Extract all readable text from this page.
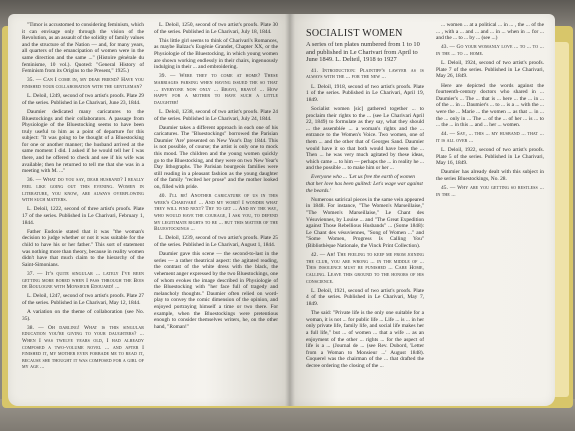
"Timor is accustomed to considering feminism, which it can envisage only through the vision of the Revolution, as an assault of the solidity of family values and the structure of the Nation — and, for many years, all quarters of the emancipation of women were in the same direction and the same ..." (Histoire générale du feminisme, 10 vol.). Quoted: "General History of Feminism from its Origins to the Present," 1925.)

35. — Can I come in, my dear friend? Have you finished your collaboration with the gentleman?

L. Deloil, 1249, second of two artist's proofs. Plate 29 of the series. Published in Le Charivari, June 23, 1844.

Daumier dedicated many caricatures to the Bluestockings and their collaborators. A passage from Physiologie of the Bluestocking seems to have been truly useful to him as a point of departure for this subject: "It was going to be thought of a Bluestocking for one or another manner; the husband arrived at the same moment I did. I asked if he would tell her I was there, and he offered to check and see if his wife was available; then he returned to tell me that she was in a meeting with M. ..."

36. — What do you say, dear husband? I really feel like going out this evening. Women in literature, you know, are always overflowing with such matters.

L. Deloil, 1222, second of three artist's proofs. Plate 17 of the series. Published in Le Charivari, February 1, 1844.

Father Eudoxie stated that it was "the woman's decision to judge whether or not it was suitable for the child to have his or her father." This sort of statement was nothing more than theory, because in reality women didn't have that much claim to the hierarchy of the Saint-Simonians.

37. — It's quite singular ... lately I've been getting more bored when I pass through the Bois de Boulogne with Monsieur Edouard! ...

L. Deloil, 1247, second of two artist's proofs. Plate 27 of the series. Published in Le Charivari, May 12, 1844.

A variation on the theme of collaboration (see No. 35).

38. — Oh darling! What is this singular education you're giving to your daughters? ... When I was twelve years old, I had already composed a two-volume novel ... and after I finished it, my mother even forbade me to read it, because she thought it was composed for a girl of my age ...

L. Deloil, 1250, second of two artist's proofs. Plate 30 of the series. Published in Le Charivari, July 18, 1844.

This little girl seems to think of Charivari's Romances, as maybe Balzac's Eugénie Grandet, Chapter XX, or the Physiologie of the Bluestocking, in which young women are shown working endlessly in their chairs, ingenuously indulging in their ... and embroidering.

39. — Were they to come at home? These marriages parsing when having issued the so that ... everyone now only ... Bravo, bravo! ... How happy for a mother to have such a little daughter!

L. Deloil, 1238, second of two artist's proofs. Plate 24 of the series. Published in Le Charivari, July 24, 1844.

Daumier takes a different approach in each one of his caricatures. The "Bluestockings" borrowed the Parisian Daumier 'Are' presented on New Year's Day 1844. This is not possible, of course; the artist is only one to mock this mood. The children and the young women quickly go to the Bluestocking, and they were on two New Year's Day lithographs. The Parisian bourgeois families were still reading in a pleasant fashion as the young daughter of the family "recited her prose" and the mother looked on, filled with pride.

40. I'll be! Another caricature of us in this week's Charivari! ... And my word! I wonder what they will find next? Try to get ... And by the way, who would have the courage, I ask you, to defend my legitimate rights to be ... but this matter of the Bluestockings ...

L. Deloil, 1239, second of two artist's proofs. Plate 25 of the series. Published in Le Charivari, August 1, 1844.

Daumier gave this scene — the second-to-last in the series — a rather theatrical aspect: the agitated reading, the contrast of the white dress with the black, the vehement anger expressed by the two Bluestockings, one of whom evokes the image described in Physiologie of the Bluestocking with "her face full of tragedy and melancholy thoughts." Daumier often relied on word-play to convey the comic dimension of the opinion, and enjoyed portraying himself a time or two there. For example, when the Bluestockings were pretentious enough to consider themselves writers, he, on the other hand, "Roman!"

SOCIALIST WOMEN
A series of ten plates numbered from 1 to 10 and published in Le Charivari from April to June 1849. L. Delteil, 1918 to 1927

41. Introduction: Plaintiff's lawyer as is always with the ... for the new ...

L. Deloil, 1918, second of two artist's proofs. Plate 1 of the series. Published in Le Charivari, April 19, 1849.

Socialist women [sic] gathered together ... to proclaim their rights to the ... (see Le Charivari April 22, 1849) to formulate as they say, what they should ... the assemblée ... a woman's rights and the ... entrance to the Women's Voice. Two women, one of them ... and the other that of Georges Sand. Daumier would have it so that both would have been the ... Then ... he was very much agitated by these ideas, which came ... to him — perhaps the ... in reality he ... and the possible ... to make him or her ...

Everyone who ... 'Let us free the earth of women that her love has been guilted: Let's wage war against the beards.'

Numerous satirical pieces in the same vein appeared in 1848. For instance, "The Women's Marseillaise," "The Women's Marseillaise," Le Chant des Vésuviennes, by Louise ... and "The Great Expedition against Those Rebellious Husbands" ... (Some 1848): Le Chant des vésuviennes, "Song of Women ..." and "Some Women, Progress Is Calling You" (Bibliothèque Nationale, the Vinck Print Collection).

42. — Ah! The feeling to keep me from joining the club, you are wrong ... in the middle of ... This insolence must be punished ... Cabe Home, calling. Leave this ground to the honors of his conscience.

L. Deloil, 1921, second of two artist's proofs. Plate 4 of the series. Published in Le Charivari, May 7, 1849.

The said: "Private life is the only one suitable for a woman, it is not ... for public life ... Life ... is ... in her only private life, family life, and social life makes her a full life," but ... of women ... that a wife ... as an enjoyment of the other ... rights ... for the aspect of life is a ... (Journal de ... (see Rev. Dubord, 'Letter from a Woman to Monsieur ...' August 1848). Coquerel was the chairman of the ... that drafted the decree ordering the closing of the ...

... women ... at a political ... in ... , the ... of the ... , with a ... and ... and ... in ... when in ... for ... and the ... to ... by ... (see ...)

43. — Go your womanly love ... to ... to ... in the ... to ... home.

L. Deloil, 1924, second of two artist's proofs. Plate 7 of the series. Published in Le Charivari, May 26, 1849.

Here are depicted the words against the fourteenth-century doctors who shared in ... Daumier's ... The ... that is ... here ... the ... in ... of the ... in ... Daumier's ... to ... is a ... with the ... were the ... Marie ... the women ... as that ... in ... the ... only in ... The ... of the ... of her ... is ... to ... the ... in this ... and ... her ... women.

44. — Say, ... this ... my husband ... that ... it is all over ...

L. Deloil, 1922, second of two artist's proofs. Plate 5 of the series. Published in Le Charivari, May 16, 1849.

Daumier has already dealt with this subject in the series Bluestockings, No. 28.

45. — Why are you getting so restless ... in the ...
